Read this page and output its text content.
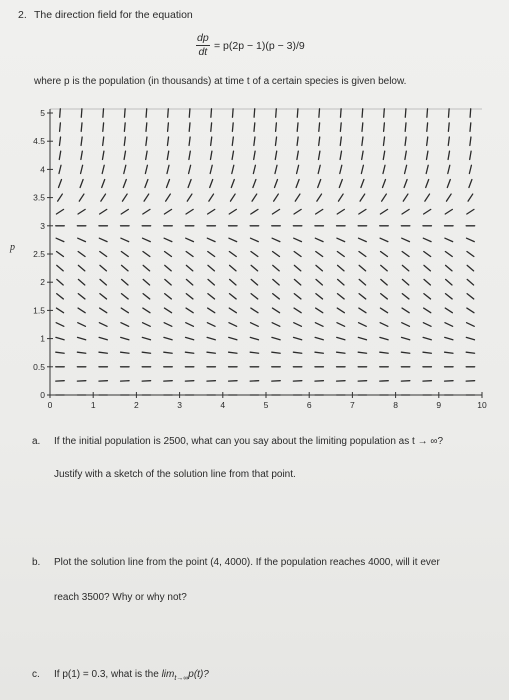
2. The direction field for the equation
$\frac{dp}{dt} = p(2p - 1)(p - 3)/9$
where p is the population (in thousands) at time t of a certain species is given below.
0
0.5
1
1.5
2
2.5
3
3.5
4
4.5
5
0	1	2	3	4	5	6	7	8	9	10
p
a. If the initial population is 2500, what can you say about the limiting population as t → ∞?
Justify with a sketch of the solution line from that point.
b. Plot the solution line from the point (4, 4000). If the population reaches 4000, will it ever
reach 3500? Why or why not?
c. If p(1) = 0.3, what is the $\lim_{t\to\infty}p(t)$?
